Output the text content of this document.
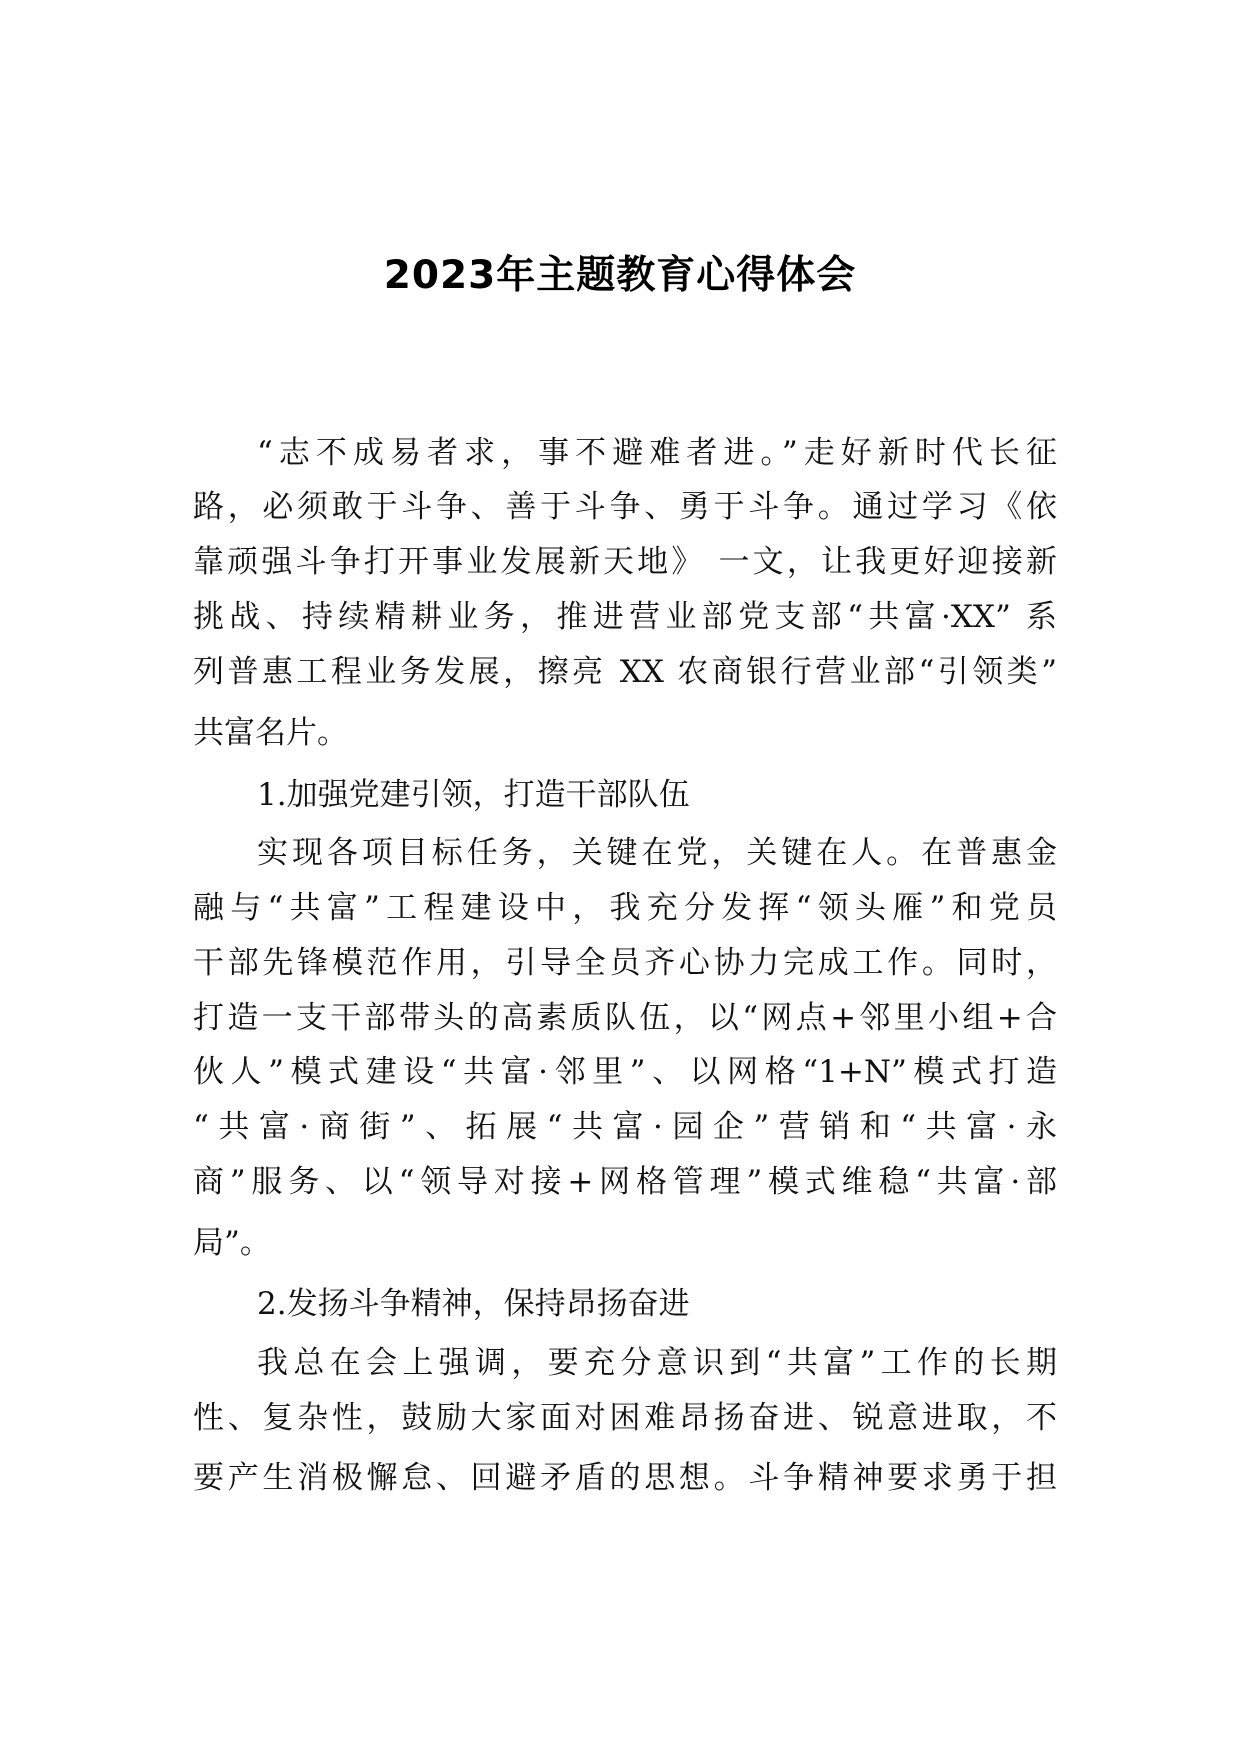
2023年主题教育心得体会
“志不成易者求，事不避难者进。”走好新时代长征
路，必须敢于斗争、善于斗争、勇于斗争。通过学习《依
靠顽强斗争打开事业发展新天地》 一文，让我更好迎接新
挑战、持续精耕业务，推进营业部党支部“共富·XX” 系
列普惠工程业务发展，擦亮 XX 农商银行营业部“引领类”
共富名片。
1.加强党建引领，打造干部队伍
实现各项目标任务，关键在党，关键在人。在普惠金
融与“共富”工程建设中，我充分发挥“领头雁”和党员
干部先锋模范作用，引导全员齐心协力完成工作。同时，
打造一支干部带头的高素质队伍，以“网点+邻里小组+合
伙人”模式建设“共富·邻里”、以网格“1+N”模式打造
“共富·商街”、拓展“共富·园企”营销和“共富·永
商”服务、以“领导对接+网格管理”模式维稳“共富·部
局”。
2.发扬斗争精神，保持昂扬奋进
我总在会上强调，要充分意识到“共富”工作的长期
性、复杂性，鼓励大家面对困难昂扬奋进、锐意进取，不
要产生消极懈怠、回避矛盾的思想。斗争精神要求勇于担
